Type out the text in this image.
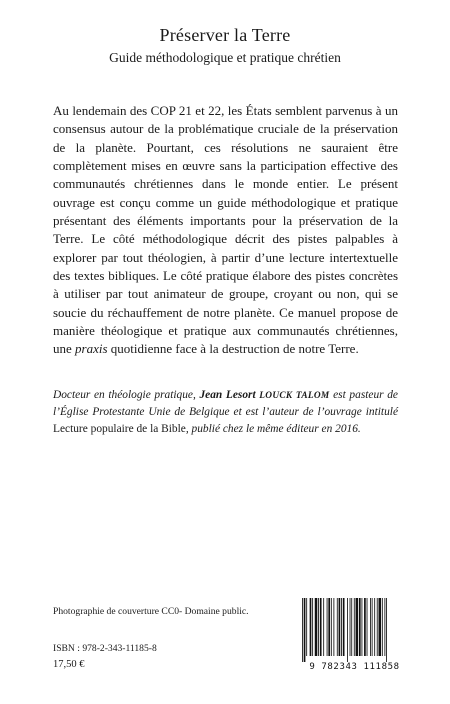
Préserver la Terre
Guide méthodologique et pratique chrétien

Au lendemain des COP 21 et 22, les États semblent parvenus à un consensus autour de la problématique cruciale de la préservation de la planète. Pourtant, ces résolutions ne sauraient être complètement mises en œuvre sans la participation effective des communautés chrétiennes dans le monde entier. Le présent ouvrage est conçu comme un guide méthodologique et pratique présentant des éléments importants pour la préservation de la Terre. Le côté méthodologique décrit des pistes palpables à explorer par tout théologien, à partir d’une lecture intertextuelle des textes bibliques. Le côté pratique élabore des pistes concrètes à utiliser par tout animateur de groupe, croyant ou non, qui se soucie du réchauffement de notre planète. Ce manuel propose de manière théologique et pratique aux communautés chrétiennes, une praxis quotidienne face à la destruction de notre Terre.

Docteur en théologie pratique, Jean Lesort LOUCK TALOM est pasteur de l’Église Protestante Unie de Belgique et est l’auteur de l’ouvrage intitulé Lecture populaire de la Bible, publié chez le même éditeur en 2016.

Photographie de couverture CC0- Domaine public.
ISBN : 978-2-343-11185-8
17,50 €	9 782343 111858
